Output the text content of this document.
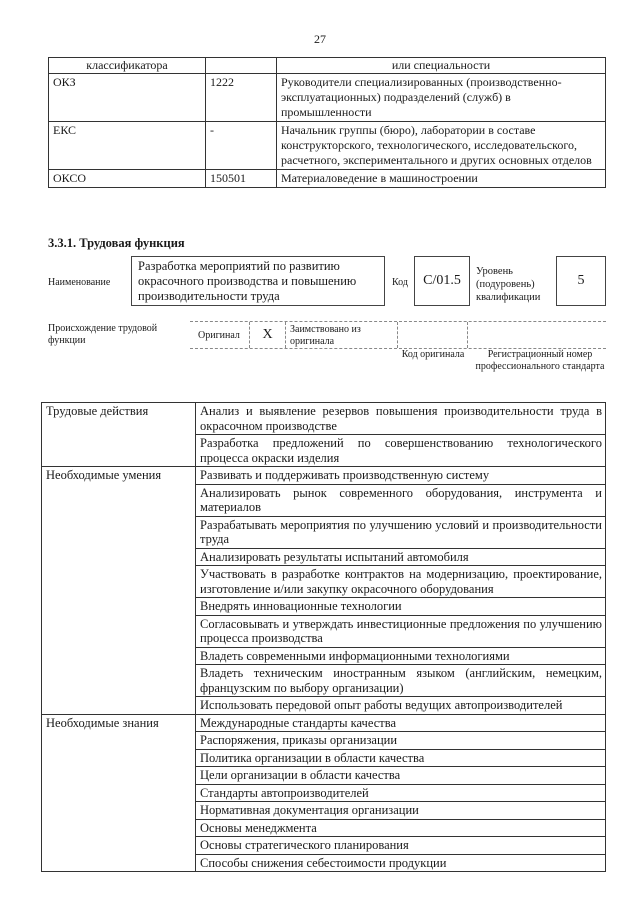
27
классификатора		или специальности
ОКЗ	1222	Руководители специализированных (производственно-эксплуатационных) подразделений (служб) в промышленности
ЕКС	-	Начальник группы (бюро), лаборатории в составе конструкторского, технологического, исследовательского, расчетного, экспериментального и других основных отделов
ОКСО	150501	Материаловедение в машиностроении
3.3.1. Трудовая функция
Наименование
Разработка мероприятий по развитию окрасочного производства и повышению производительности труда
Код	C/01.5
Уровень (подуровень) квалификации
5
Происхождение трудовой функции	Оригинал	X	Заимствовано из оригинала
Код оригинала	Регистрационный номер профессионального стандарта
Трудовые действия	Анализ и выявление резервов повышения производительности труда в окрасочном производстве
	Разработка предложений по совершенствованию технологического процесса окраски изделия
Необходимые умения	Развивать и поддерживать производственную систему
	Анализировать рынок современного оборудования, инструмента и материалов
	Разрабатывать мероприятия по улучшению условий и производительности труда
	Анализировать результаты испытаний автомобиля
	Участвовать в разработке контрактов на модернизацию, проектирование, изготовление и/или закупку окрасочного оборудования
	Внедрять инновационные технологии
	Согласовывать и утверждать инвестиционные предложения по улучшению процесса производства
	Владеть современными информационными технологиями
	Владеть техническим иностранным языком (английским, немецким, французским по выбору организации)
	Использовать передовой опыт работы ведущих автопроизводителей
Необходимые знания	Международные стандарты качества
	Распоряжения, приказы организации
	Политика организации в области качества
	Цели организации в области качества
	Стандарты автопроизводителей
	Нормативная документация организации
	Основы менеджмента
	Основы стратегического планирования
	Способы снижения себестоимости продукции
